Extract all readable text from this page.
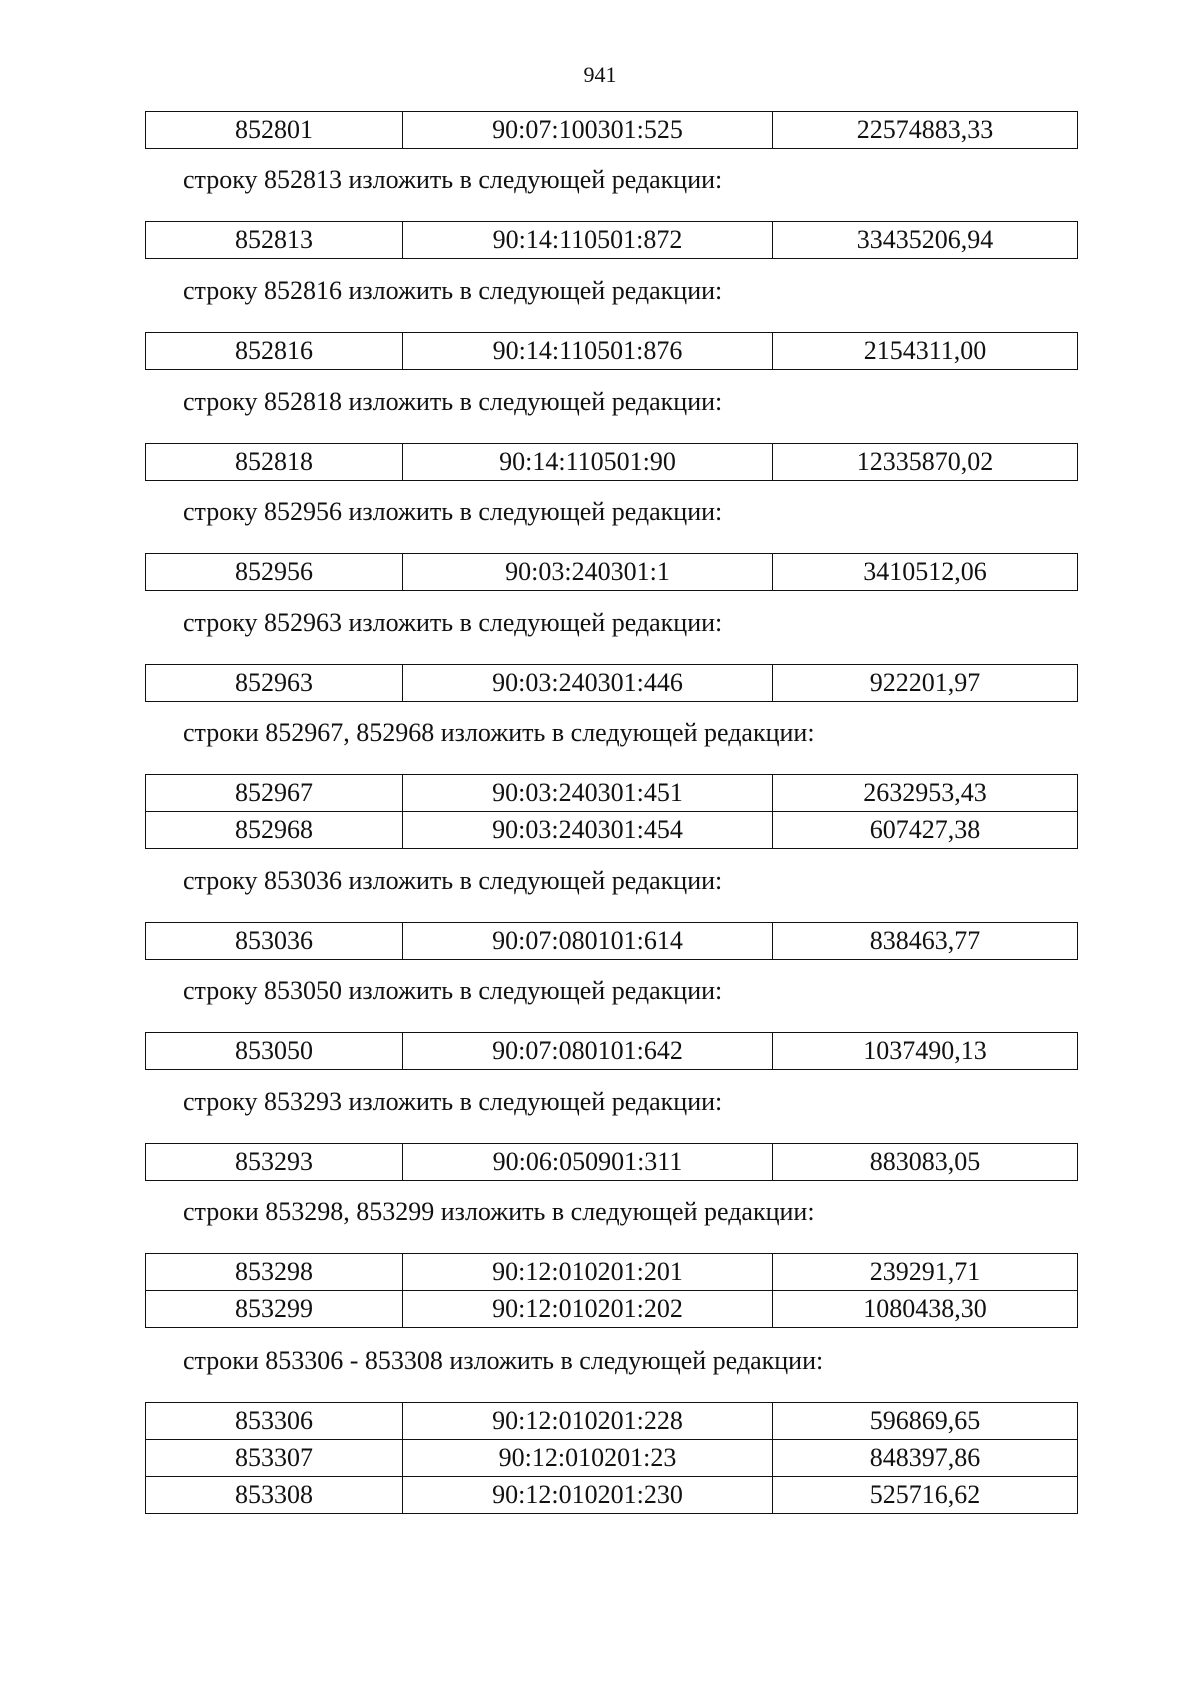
941
852801	90:07:100301:525	22574883,33
строку 852813 изложить в следующей редакции:
852813	90:14:110501:872	33435206,94
строку 852816 изложить в следующей редакции:
852816	90:14:110501:876	2154311,00
строку 852818 изложить в следующей редакции:
852818	90:14:110501:90	12335870,02
строку 852956 изложить в следующей редакции:
852956	90:03:240301:1	3410512,06
строку 852963 изложить в следующей редакции:
852963	90:03:240301:446	922201,97
строки 852967, 852968 изложить в следующей редакции:
852967	90:03:240301:451	2632953,43
852968	90:03:240301:454	607427,38
строку 853036 изложить в следующей редакции:
853036	90:07:080101:614	838463,77
строку 853050 изложить в следующей редакции:
853050	90:07:080101:642	1037490,13
строку 853293 изложить в следующей редакции:
853293	90:06:050901:311	883083,05
строки 853298, 853299 изложить в следующей редакции:
853298	90:12:010201:201	239291,71
853299	90:12:010201:202	1080438,30
строки 853306 - 853308 изложить в следующей редакции:
853306	90:12:010201:228	596869,65
853307	90:12:010201:23	848397,86
853308	90:12:010201:230	525716,62
